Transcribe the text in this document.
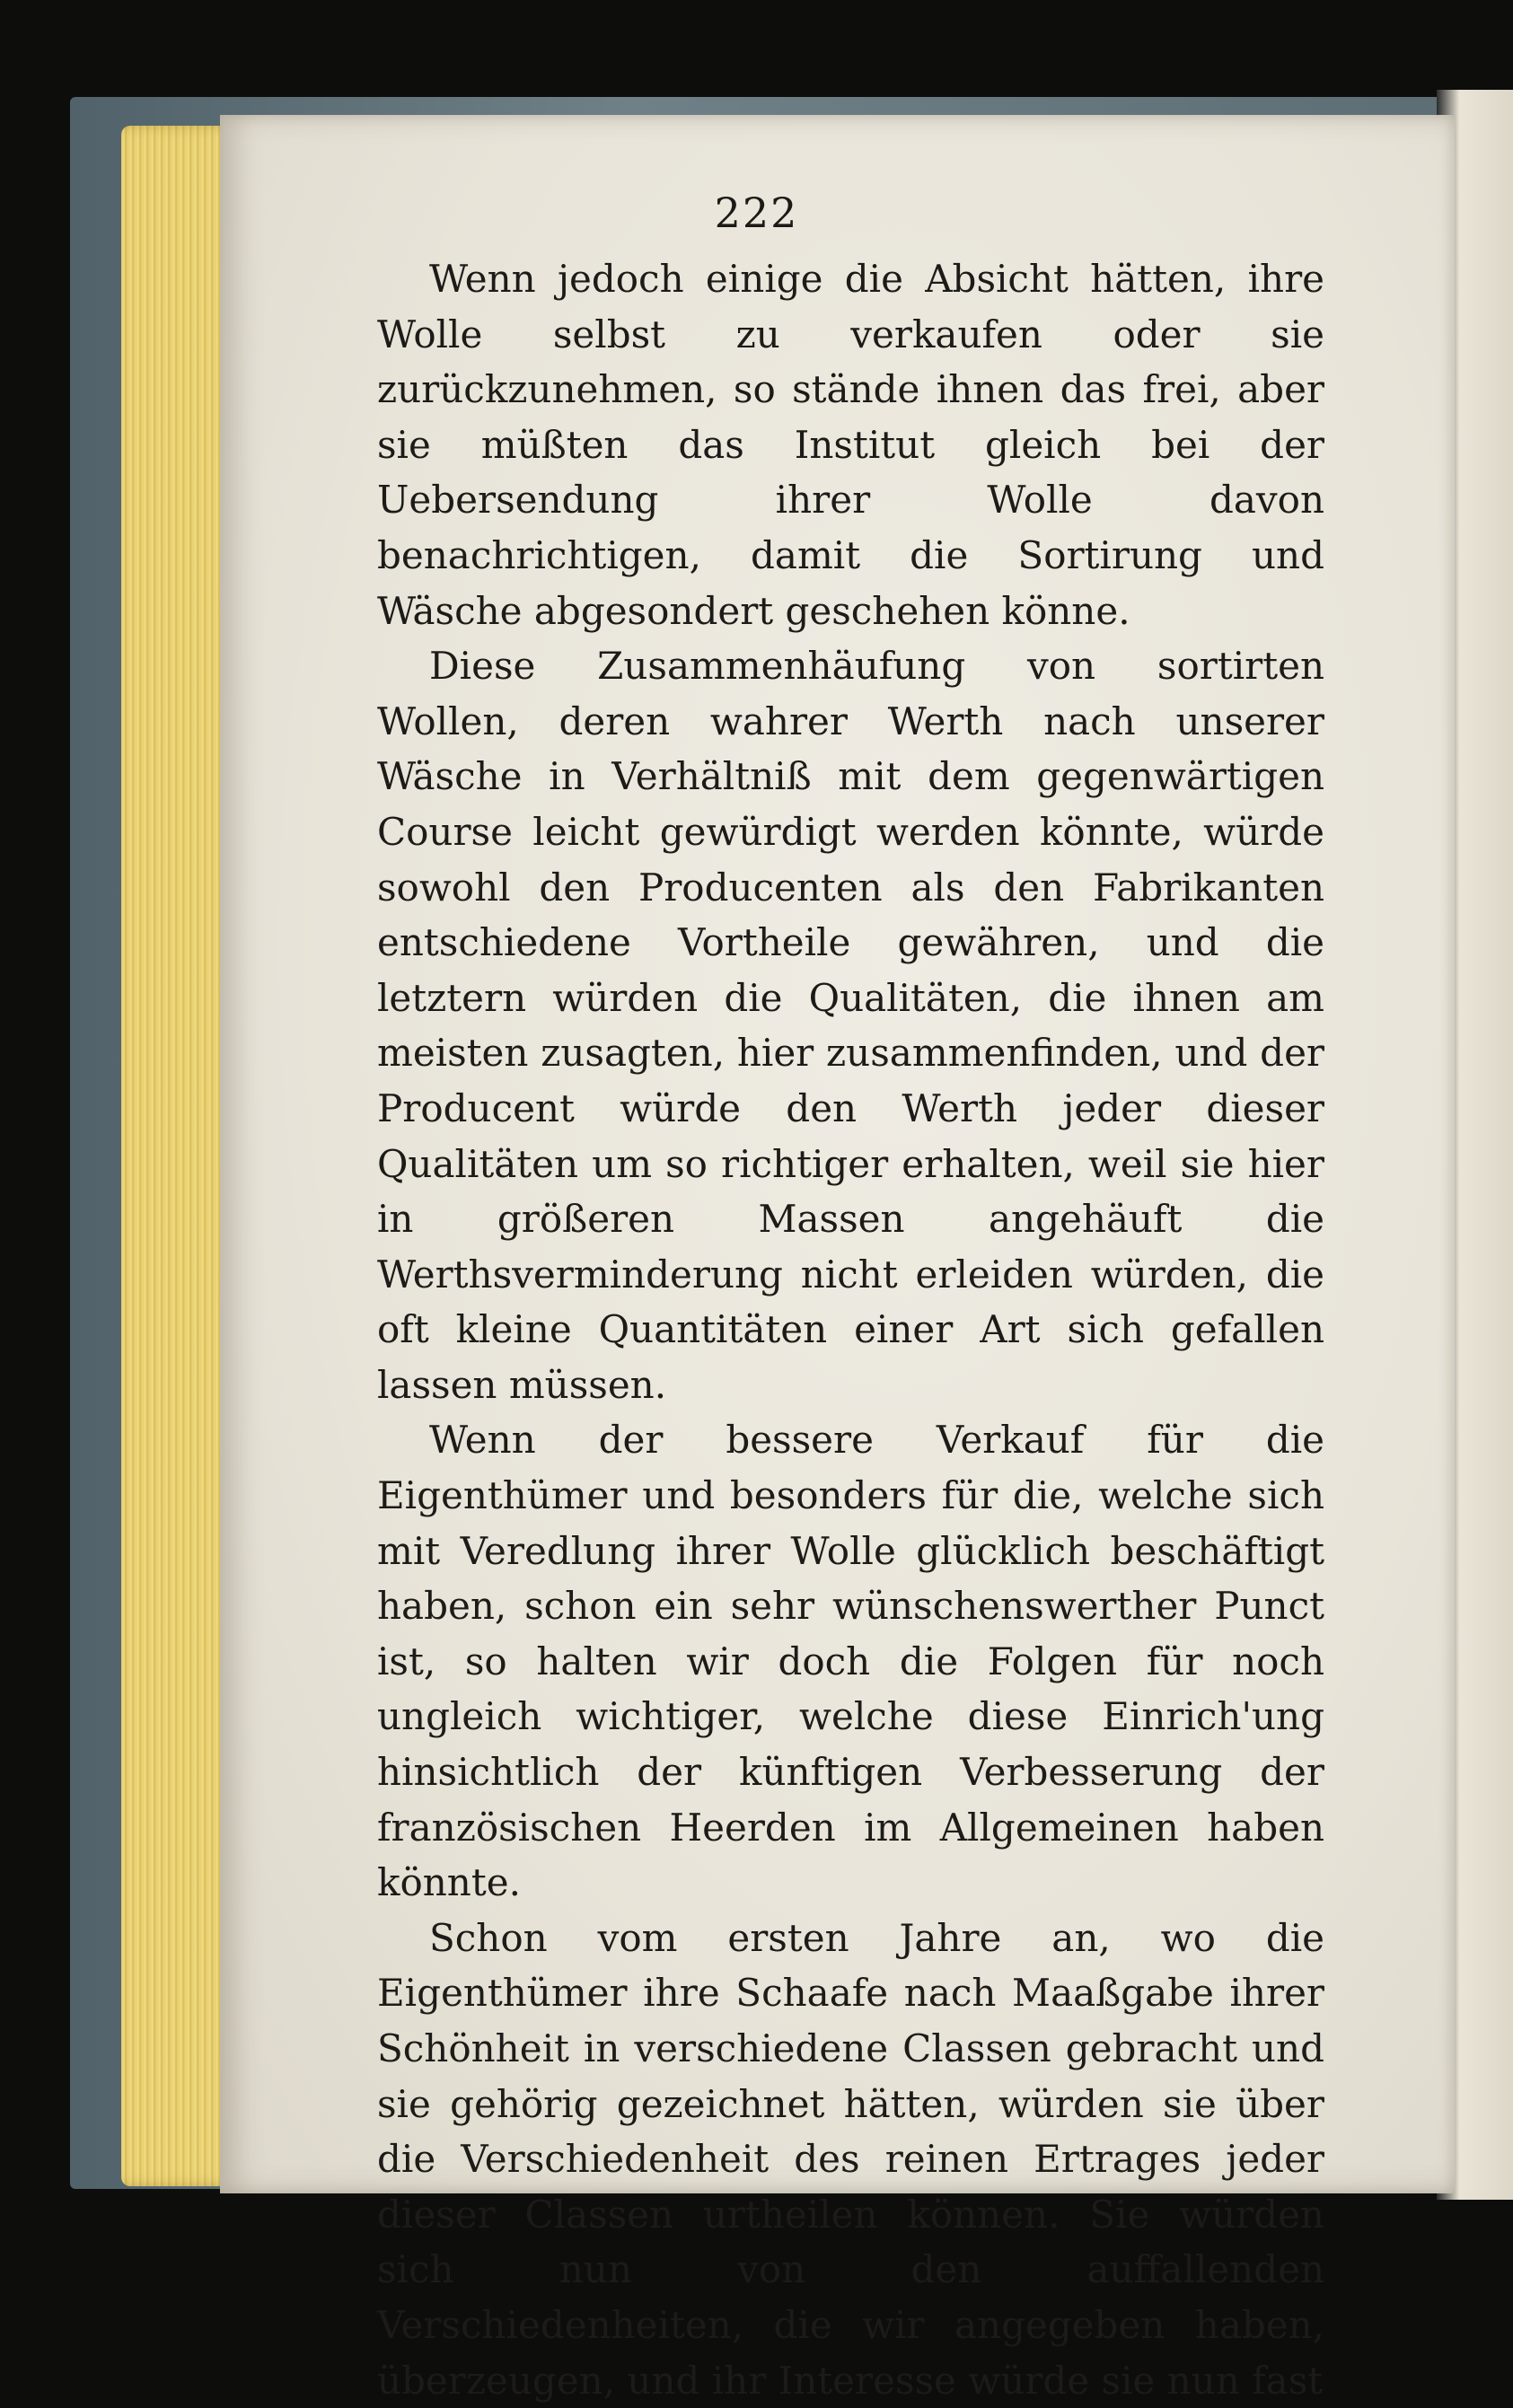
222

Wenn jedoch einige die Absicht hätten, ihre Wolle selbst zu verkaufen oder sie zurückzunehmen, so stände ihnen das frei, aber sie müßten das Institut gleich bei der Uebersendung ihrer Wolle davon benachrichtigen, damit die Sortirung und Wäsche abgesondert geschehen könne.

Diese Zusammenhäufung von sortirten Wollen, deren wahrer Werth nach unserer Wäsche in Verhältniß mit dem gegenwärtigen Course leicht gewürdigt werden könnte, würde sowohl den Producenten als den Fabrikanten entschiedene Vortheile gewähren, und die letztern würden die Qualitäten, die ihnen am meisten zusagten, hier zusammenfinden, und der Producent würde den Werth jeder dieser Qualitäten um so richtiger erhalten, weil sie hier in größeren Massen angehäuft die Werthsverminderung nicht erleiden würden, die oft kleine Quantitäten einer Art sich gefallen lassen müssen.

Wenn der bessere Verkauf für die Eigenthümer und besonders für die, welche sich mit Veredlung ihrer Wolle glücklich beschäftigt haben, schon ein sehr wünschenswerther Punct ist, so halten wir doch die Folgen für noch ungleich wichtiger, welche diese Einrich'ung hinsichtlich der künftigen Verbesserung der französischen Heerden im Allgemeinen haben könnte.

Schon vom ersten Jahre an, wo die Eigenthümer ihre Schaafe nach Maaßgabe ihrer Schönheit in verschiedene Classen gebracht und sie gehörig gezeichnet hätten, würden sie über die Verschiedenheit des reinen Ertrages jeder dieser Classen urtheilen können. Sie würden sich nun von den auffallenden Verschiedenheiten, die wir angegeben haben, überzeugen, und ihr Interesse würde sie nun fast
